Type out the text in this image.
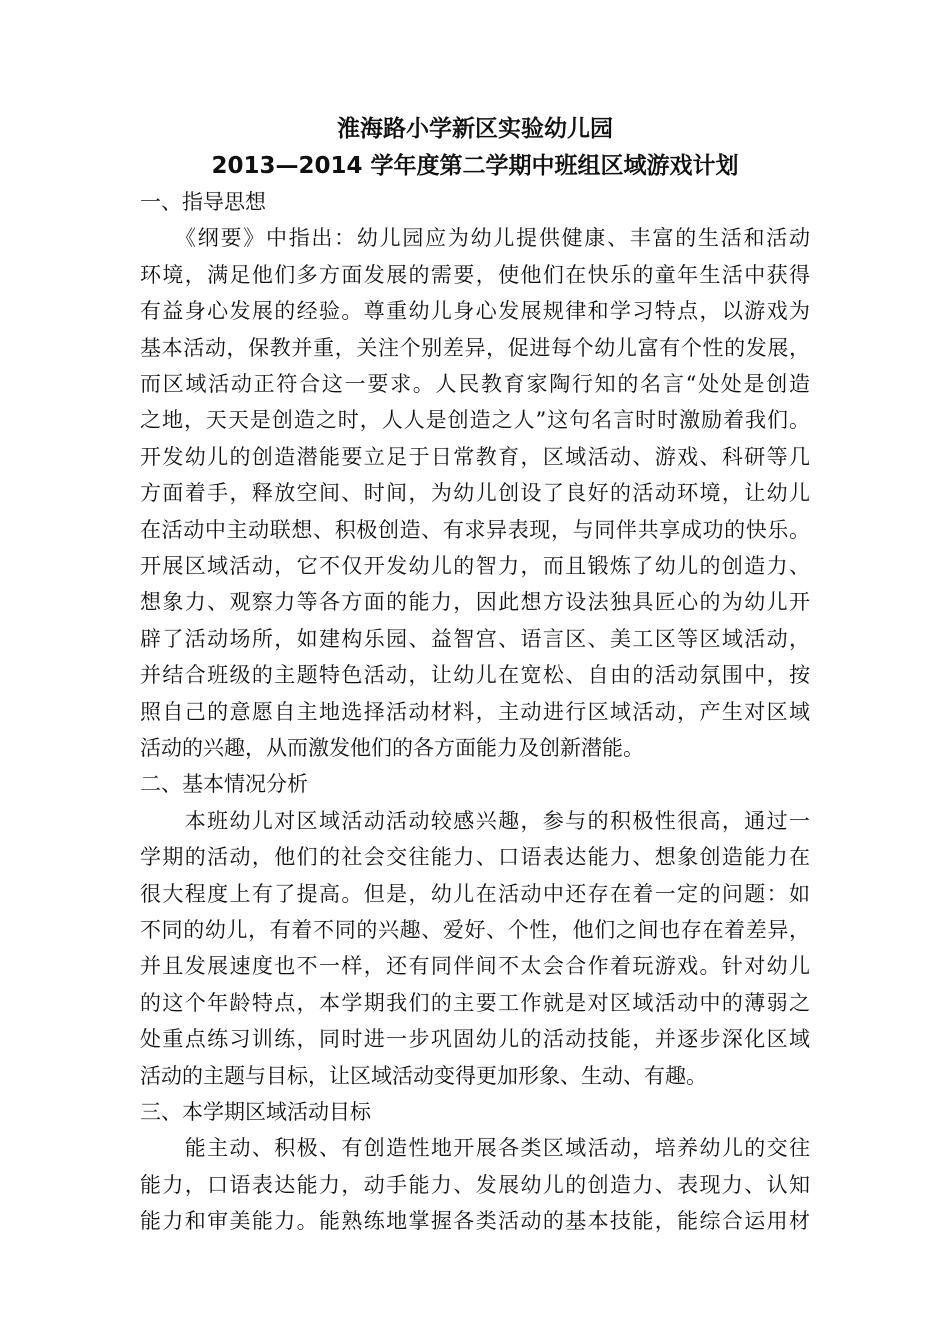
淮海路小学新区实验幼儿园
2013—2014 学年度第二学期中班组区域游戏计划
一、指导思想
　　《纲要》中指出：幼儿园应为幼儿提供健康、丰富的生活和活动
环境，满足他们多方面发展的需要，使他们在快乐的童年生活中获得
有益身心发展的经验。尊重幼儿身心发展规律和学习特点，以游戏为
基本活动，保教并重，关注个别差异，促进每个幼儿富有个性的发展，
而区域活动正符合这一要求。人民教育家陶行知的名言“处处是创造
之地，天天是创造之时，人人是创造之人”这句名言时时激励着我们。
开发幼儿的创造潜能要立足于日常教育，区域活动、游戏、科研等几
方面着手，释放空间、时间，为幼儿创设了良好的活动环境，让幼儿
在活动中主动联想、积极创造、有求异表现，与同伴共享成功的快乐。
开展区域活动，它不仅开发幼儿的智力，而且锻炼了幼儿的创造力、
想象力、观察力等各方面的能力，因此想方设法独具匠心的为幼儿开
辟了活动场所，如建构乐园、益智宫、语言区、美工区等区域活动，
并结合班级的主题特色活动，让幼儿在宽松、自由的活动氛围中，按
照自己的意愿自主地选择活动材料，主动进行区域活动，产生对区域
活动的兴趣，从而激发他们的各方面能力及创新潜能。
二、基本情况分析
　　本班幼儿对区域活动活动较感兴趣，参与的积极性很高，通过一
学期的活动，他们的社会交往能力、口语表达能力、想象创造能力在
很大程度上有了提高。但是，幼儿在活动中还存在着一定的问题：如
不同的幼儿，有着不同的兴趣、爱好、个性，他们之间也存在着差异，
并且发展速度也不一样，还有同伴间不太会合作着玩游戏。针对幼儿
的这个年龄特点，本学期我们的主要工作就是对区域活动中的薄弱之
处重点练习训练，同时进一步巩固幼儿的活动技能，并逐步深化区域
活动的主题与目标，让区域活动变得更加形象、生动、有趣。
三、本学期区域活动目标
　　能主动、积极、有创造性地开展各类区域活动，培养幼儿的交往
能力，口语表达能力，动手能力、发展幼儿的创造力、表现力、认知
能力和审美能力。能熟练地掌握各类活动的基本技能，能综合运用材
